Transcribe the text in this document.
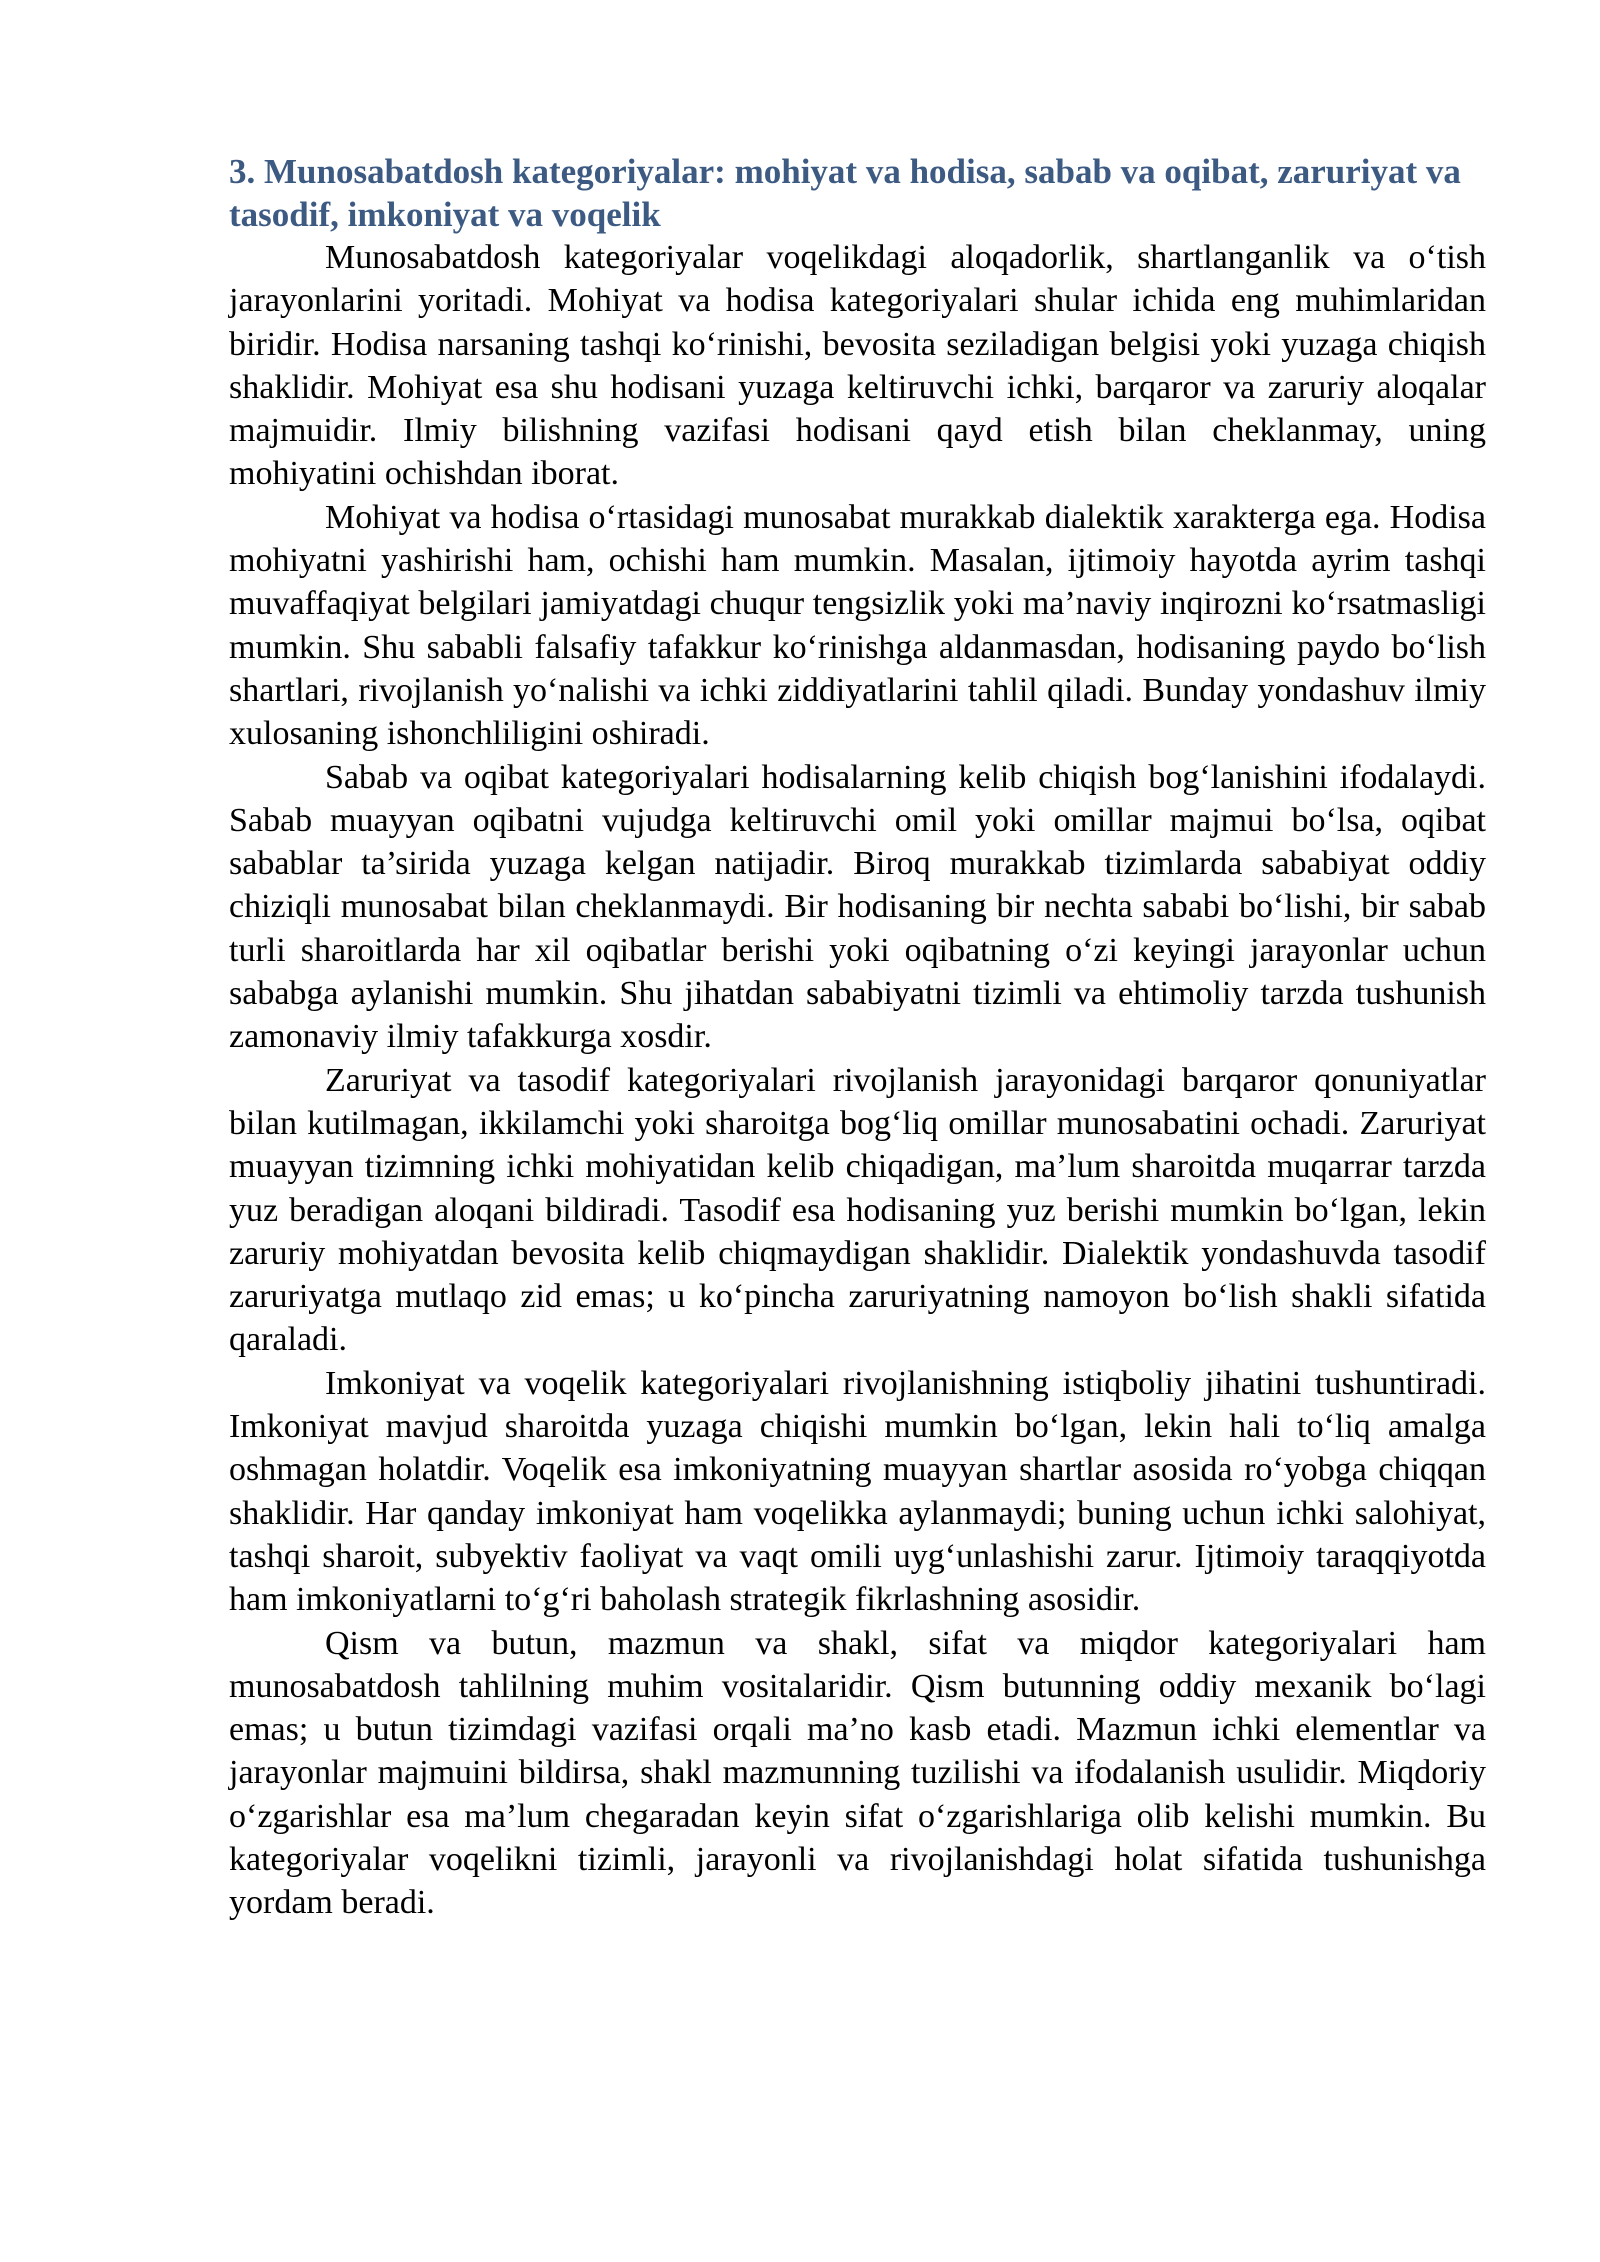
3. Munosabatdosh kategoriyalar: mohiyat va hodisa, sabab va oqibat, zaruriyat va tasodif, imkoniyat va voqelik

Munosabatdosh kategoriyalar voqelikdagi aloqadorlik, shartlanganlik va o‘tish jarayonlarini yoritadi. Mohiyat va hodisa kategoriyalari shular ichida eng muhimlaridan biridir. Hodisa narsaning tashqi ko‘rinishi, bevosita seziladigan belgisi yoki yuzaga chiqish shaklidir. Mohiyat esa shu hodisani yuzaga keltiruvchi ichki, barqaror va zaruriy aloqalar majmuidir. Ilmiy bilishning vazifasi hodisani qayd etish bilan cheklanmay, uning mohiyatini ochishdan iborat.

Mohiyat va hodisa o‘rtasidagi munosabat murakkab dialektik xarakterga ega. Hodisa mohiyatni yashirishi ham, ochishi ham mumkin. Masalan, ijtimoiy hayotda ayrim tashqi muvaffaqiyat belgilari jamiyatdagi chuqur tengsizlik yoki ma’naviy inqirozni ko‘rsatmasligi mumkin. Shu sababli falsafiy tafakkur ko‘rinishga aldanmasdan, hodisaning paydo bo‘lish shartlari, rivojlanish yo‘nalishi va ichki ziddiyatlarini tahlil qiladi. Bunday yondashuv ilmiy xulosaning ishonchliligini oshiradi.

Sabab va oqibat kategoriyalari hodisalarning kelib chiqish bog‘lanishini ifodalaydi. Sabab muayyan oqibatni vujudga keltiruvchi omil yoki omillar majmui bo‘lsa, oqibat sabablar ta’sirida yuzaga kelgan natijadir. Biroq murakkab tizimlarda sababiyat oddiy chiziqli munosabat bilan cheklanmaydi. Bir hodisaning bir nechta sababi bo‘lishi, bir sabab turli sharoitlarda har xil oqibatlar berishi yoki oqibatning o‘zi keyingi jarayonlar uchun sababga aylanishi mumkin. Shu jihatdan sababiyatni tizimli va ehtimoliy tarzda tushunish zamonaviy ilmiy tafakkurga xosdir.

Zaruriyat va tasodif kategoriyalari rivojlanish jarayonidagi barqaror qonuniyatlar bilan kutilmagan, ikkilamchi yoki sharoitga bog‘liq omillar munosabatini ochadi. Zaruriyat muayyan tizimning ichki mohiyatidan kelib chiqadigan, ma’lum sharoitda muqarrar tarzda yuz beradigan aloqani bildiradi. Tasodif esa hodisaning yuz berishi mumkin bo‘lgan, lekin zaruriy mohiyatdan bevosita kelib chiqmaydigan shaklidir. Dialektik yondashuvda tasodif zaruriyatga mutlaqo zid emas; u ko‘pincha zaruriyatning namoyon bo‘lish shakli sifatida qaraladi.

Imkoniyat va voqelik kategoriyalari rivojlanishning istiqboliy jihatini tushuntiradi. Imkoniyat mavjud sharoitda yuzaga chiqishi mumkin bo‘lgan, lekin hali to‘liq amalga oshmagan holatdir. Voqelik esa imkoniyatning muayyan shartlar asosida ro‘yobga chiqqan shaklidir. Har qanday imkoniyat ham voqelikka aylanmaydi; buning uchun ichki salohiyat, tashqi sharoit, subyektiv faoliyat va vaqt omili uyg‘unlashishi zarur. Ijtimoiy taraqqiyotda ham imkoniyatlarni to‘g‘ri baholash strategik fikrlashning asosidir.

Qism va butun, mazmun va shakl, sifat va miqdor kategoriyalari ham munosabatdosh tahlilning muhim vositalaridir. Qism butunning oddiy mexanik bo‘lagi emas; u butun tizimdagi vazifasi orqali ma’no kasb etadi. Mazmun ichki elementlar va jarayonlar majmuini bildirsa, shakl mazmunning tuzilishi va ifodalanish usulidir. Miqdoriy o‘zgarishlar esa ma’lum chegaradan keyin sifat o‘zgarishlariga olib kelishi mumkin. Bu kategoriyalar voqelikni tizimli, jarayonli va rivojlanishdagi holat sifatida tushunishga yordam beradi.
